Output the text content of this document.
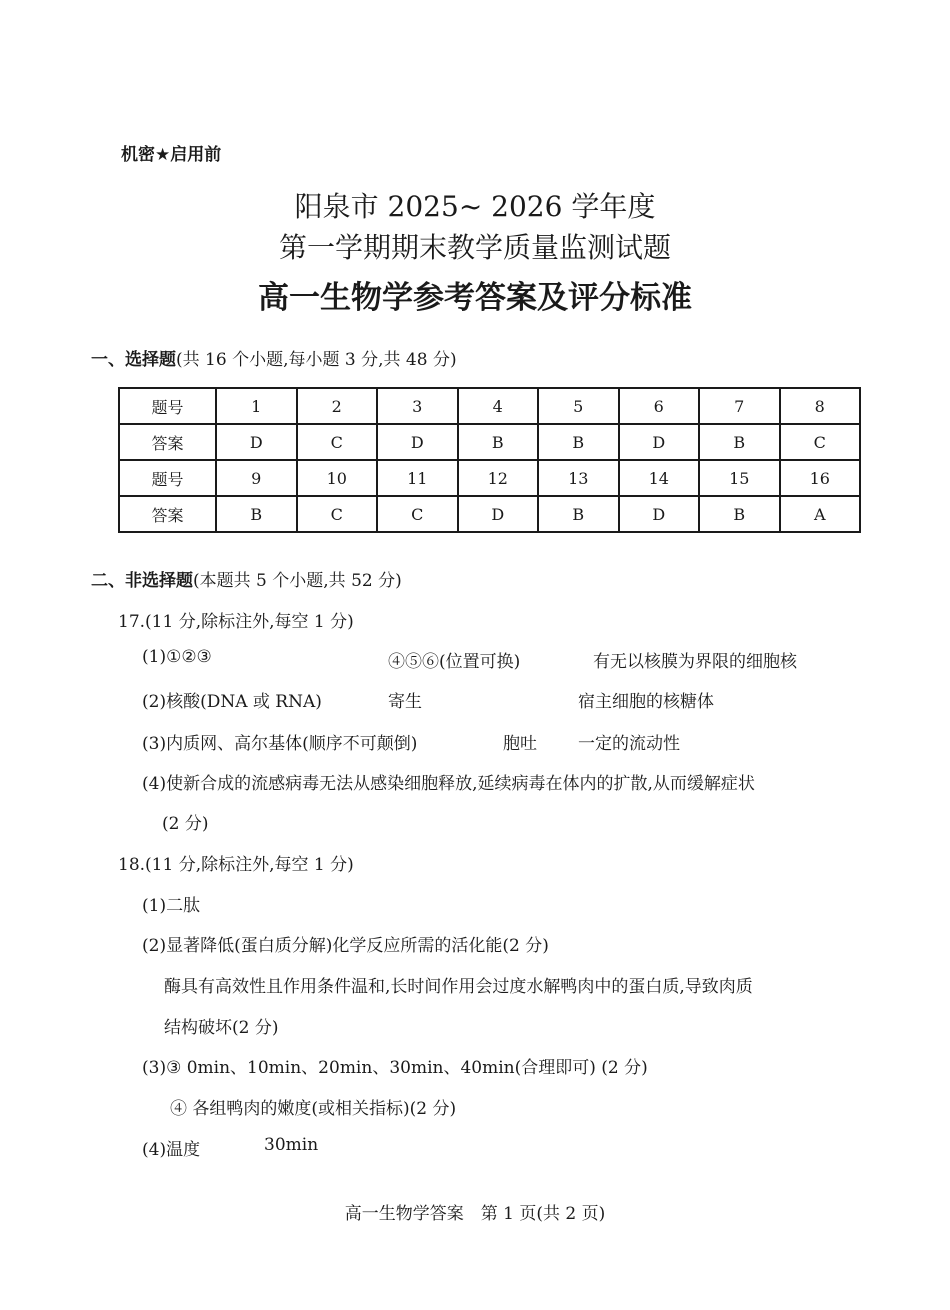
机密★启用前
阳泉市 2025~ 2026 学年度
第一学期期末教学质量监测试题
高一生物学参考答案及评分标准
一、选择题(共 16 个小题,每小题 3 分,共 48 分)
题号	1	2	3	4	5	6	7	8
答案	D	C	D	B	B	D	B	C
题号	9	10	11	12	13	14	15	16
答案	B	C	C	D	B	D	B	A
二、非选择题(本题共 5 个小题,共 52 分)
17.(11 分,除标注外,每空 1 分)
(1)①②③	④⑤⑥(位置可换)	有无以核膜为界限的细胞核
(2)核酸(DNA 或 RNA)	寄生	宿主细胞的核糖体
(3)内质网、高尔基体(顺序不可颠倒)	胞吐 一定的流动性
(4)使新合成的流感病毒无法从感染细胞释放,延续病毒在体内的扩散,从而缓解症状
(2 分)
18.(11 分,除标注外,每空 1 分)
(1)二肽
(2)显著降低(蛋白质分解)化学反应所需的活化能(2 分)
酶具有高效性且作用条件温和,长时间作用会过度水解鸭肉中的蛋白质,导致肉质
结构破坏(2 分)
(3)③ 0min、10min、20min、30min、40min(合理即可) (2 分)
④ 各组鸭肉的嫩度(或相关指标)(2 分)
(4)温度	30min
高一生物学答案　第 1 页(共 2 页)
